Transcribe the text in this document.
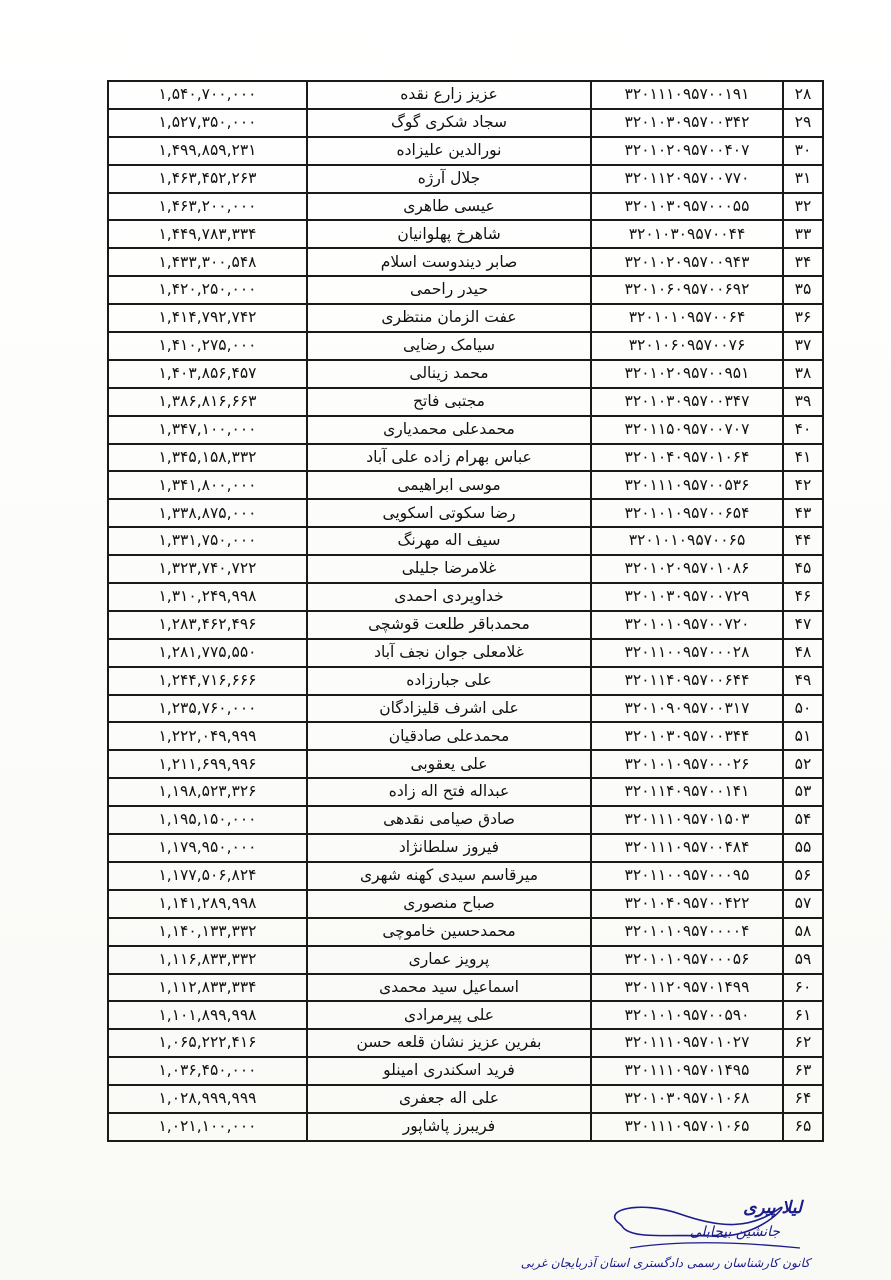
۲۸	۳۲۰۱۱۱۰۹۵۷۰۰۱۹۱	عزیز زارع نقده	۱,۵۴۰,۷۰۰,۰۰۰
۲۹	۳۲۰۱۰۳۰۹۵۷۰۰۳۴۲	سجاد شکری گوگ	۱,۵۲۷,۳۵۰,۰۰۰
۳۰	۳۲۰۱۰۲۰۹۵۷۰۰۴۰۷	نورالدین علیزاده	۱,۴۹۹,۸۵۹,۲۳۱
۳۱	۳۲۰۱۱۲۰۹۵۷۰۰۷۷۰	جلال آرژه	۱,۴۶۳,۴۵۲,۲۶۳
۳۲	۳۲۰۱۰۳۰۹۵۷۰۰۰۵۵	عیسی طاهری	۱,۴۶۳,۲۰۰,۰۰۰
۳۳	۳۲۰۱۰۳۰۹۵۷۰۰۴۴	شاهرخ پهلوانیان	۱,۴۴۹,۷۸۳,۳۳۴
۳۴	۳۲۰۱۰۲۰۹۵۷۰۰۹۴۳	صابر دیندوست اسلام	۱,۴۳۳,۳۰۰,۵۴۸
۳۵	۳۲۰۱۰۶۰۹۵۷۰۰۶۹۲	حیدر راحمی	۱,۴۲۰,۲۵۰,۰۰۰
۳۶	۳۲۰۱۰۱۰۹۵۷۰۰۶۴	عفت الزمان منتظری	۱,۴۱۴,۷۹۲,۷۴۲
۳۷	۳۲۰۱۰۶۰۹۵۷۰۰۷۶	سیامک رضایی	۱,۴۱۰,۲۷۵,۰۰۰
۳۸	۳۲۰۱۰۲۰۹۵۷۰۰۹۵۱	محمد زینالی	۱,۴۰۳,۸۵۶,۴۵۷
۳۹	۳۲۰۱۰۳۰۹۵۷۰۰۳۴۷	مجتبی فاتح	۱,۳۸۶,۸۱۶,۶۶۳
۴۰	۳۲۰۱۱۵۰۹۵۷۰۰۷۰۷	محمدعلی محمدیاری	۱,۳۴۷,۱۰۰,۰۰۰
۴۱	۳۲۰۱۰۴۰۹۵۷۰۱۰۶۴	عباس بهرام زاده علی آباد	۱,۳۴۵,۱۵۸,۳۳۲
۴۲	۳۲۰۱۱۱۰۹۵۷۰۰۵۳۶	موسی ابراهیمی	۱,۳۴۱,۸۰۰,۰۰۰
۴۳	۳۲۰۱۰۱۰۹۵۷۰۰۶۵۴	رضا سکوتی اسکویی	۱,۳۳۸,۸۷۵,۰۰۰
۴۴	۳۲۰۱۰۱۰۹۵۷۰۰۶۵	سیف اله مهرنگ	۱,۳۳۱,۷۵۰,۰۰۰
۴۵	۳۲۰۱۰۲۰۹۵۷۰۱۰۸۶	غلامرضا جلیلی	۱,۳۲۳,۷۴۰,۷۲۲
۴۶	۳۲۰۱۰۳۰۹۵۷۰۰۷۲۹	خداویردی احمدی	۱,۳۱۰,۲۴۹,۹۹۸
۴۷	۳۲۰۱۰۱۰۹۵۷۰۰۷۲۰	محمدباقر طلعت قوشچی	۱,۲۸۳,۴۶۲,۴۹۶
۴۸	۳۲۰۱۱۰۰۹۵۷۰۰۰۲۸	غلامعلی جوان نجف آباد	۱,۲۸۱,۷۷۵,۵۵۰
۴۹	۳۲۰۱۱۴۰۹۵۷۰۰۶۴۴	علی جبارزاده	۱,۲۴۴,۷۱۶,۶۶۶
۵۰	۳۲۰۱۰۹۰۹۵۷۰۰۳۱۷	علی اشرف قلیزادگان	۱,۲۳۵,۷۶۰,۰۰۰
۵۱	۳۲۰۱۰۳۰۹۵۷۰۰۳۴۴	محمدعلی صادقیان	۱,۲۲۲,۰۴۹,۹۹۹
۵۲	۳۲۰۱۰۱۰۹۵۷۰۰۰۲۶	علی یعقوبی	۱,۲۱۱,۶۹۹,۹۹۶
۵۳	۳۲۰۱۱۴۰۹۵۷۰۰۱۴۱	عبداله فتح اله زاده	۱,۱۹۸,۵۲۳,۳۲۶
۵۴	۳۲۰۱۱۱۰۹۵۷۰۱۵۰۳	صادق صیامی نقدهی	۱,۱۹۵,۱۵۰,۰۰۰
۵۵	۳۲۰۱۱۱۰۹۵۷۰۰۴۸۴	فیروز سلطانژاد	۱,۱۷۹,۹۵۰,۰۰۰
۵۶	۳۲۰۱۱۰۰۹۵۷۰۰۰۹۵	میرقاسم سیدی کهنه شهری	۱,۱۷۷,۵۰۶,۸۲۴
۵۷	۳۲۰۱۰۴۰۹۵۷۰۰۴۲۲	صباح منصوری	۱,۱۴۱,۲۸۹,۹۹۸
۵۸	۳۲۰۱۰۱۰۹۵۷۰۰۰۰۴	محمدحسین خاموچی	۱,۱۴۰,۱۳۳,۳۳۲
۵۹	۳۲۰۱۰۱۰۹۵۷۰۰۰۵۶	پرویز عماری	۱,۱۱۶,۸۳۳,۳۳۲
۶۰	۳۲۰۱۱۲۰۹۵۷۰۱۴۹۹	اسماعیل سید محمدی	۱,۱۱۲,۸۳۳,۳۳۴
۶۱	۳۲۰۱۰۱۰۹۵۷۰۰۵۹۰	علی پیرمرادی	۱,۱۰۱,۸۹۹,۹۹۸
۶۲	۳۲۰۱۱۱۰۹۵۷۰۱۰۲۷	بفرین عزیز نشان قلعه حسن	۱,۰۶۵,۲۲۲,۴۱۶
۶۳	۳۲۰۱۱۱۰۹۵۷۰۱۴۹۵	فرید اسکندری امینلو	۱,۰۳۶,۴۵۰,۰۰۰
۶۴	۳۲۰۱۰۳۰۹۵۷۰۱۰۶۸	علی اله جعفری	۱,۰۲۸,۹۹۹,۹۹۹
۶۵	۳۲۰۱۱۱۰۹۵۷۰۱۰۶۵	فریبرز پاشاپور	۱,۰۲۱,۱۰۰,۰۰۰
لیلا پیری
جانشین بیجابلی
کانون کارشناسان رسمی دادگستری استان آذربایجان غربی
